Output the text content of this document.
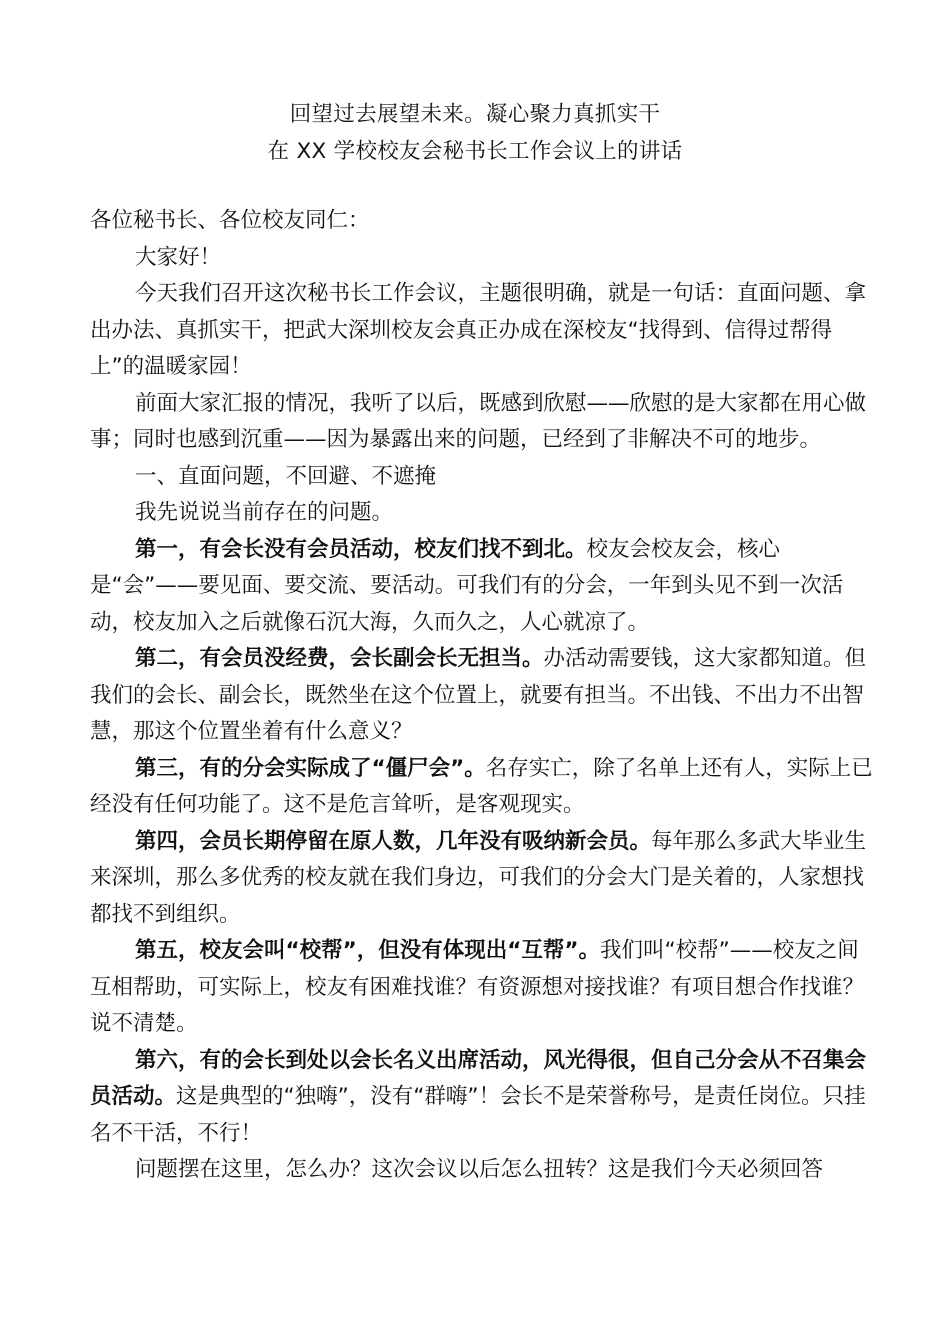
回望过去展望未来。凝心聚力真抓实干
在 XX 学校校友会秘书长工作会议上的讲话

各位秘书长、各位校友同仁：

大家好！

今天我们召开这次秘书长工作会议，主题很明确，就是一句话：直面问题、拿出办法、真抓实干，把武大深圳校友会真正办成在深校友“找得到、信得过帮得上”的温暖家园！

前面大家汇报的情况，我听了以后，既感到欣慰——欣慰的是大家都在用心做事；同时也感到沉重——因为暴露出来的问题，已经到了非解决不可的地步。

一、直面问题，不回避、不遮掩

我先说说当前存在的问题。

第一，有会长没有会员活动，校友们找不到北。校友会校友会，核心是“会”——要见面、要交流、要活动。可我们有的分会，一年到头见不到一次活动，校友加入之后就像石沉大海，久而久之，人心就凉了。

第二，有会员没经费，会长副会长无担当。办活动需要钱，这大家都知道。但我们的会长、副会长，既然坐在这个位置上，就要有担当。不出钱、不出力不出智慧，那这个位置坐着有什么意义？

第三，有的分会实际成了“僵尸会”。名存实亡，除了名单上还有人，实际上已经没有任何功能了。这不是危言耸听，是客观现实。

第四，会员长期停留在原人数，几年没有吸纳新会员。每年那么多武大毕业生来深圳，那么多优秀的校友就在我们身边，可我们的分会大门是关着的，人家想找都找不到组织。

第五，校友会叫“校帮”，但没有体现出“互帮”。我们叫“校帮”——校友之间互相帮助，可实际上，校友有困难找谁？有资源想对接找谁？有项目想合作找谁？说不清楚。

第六，有的会长到处以会长名义出席活动，风光得很，但自己分会从不召集会员活动。这是典型的“独嗨”，没有“群嗨”！会长不是荣誉称号，是责任岗位。只挂名不干活，不行！

问题摆在这里，怎么办？这次会议以后怎么扭转？这是我们今天必须回答
